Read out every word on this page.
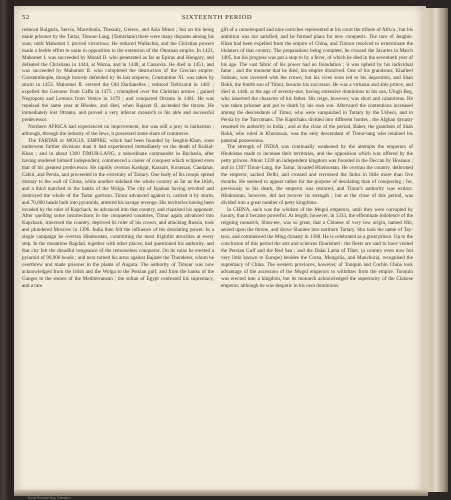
52	SIXTEENTH PERIOD

reduced Bulgaria, Servia, Macedonia, Thessaly, Greece, and Asia Minor ; but on his being made prisoner by the Tartar, Timour-Lang, (Tamerlane) there were many disputes among his sons, until Mahomet I. proved victorious. He reduced Wallachia, and the Christian powers made a feeble effort to unite in opposition to the extension of the Ottoman empire. In 1421, Mahomet I. was succeeded by Murad II. who penetrated as far as Epirus and Hungary, and defeated the Christians in 1444, at Warna, and in 1448, at Cassovia. He died in 1451, and was succeeded by Mahomet II. who completed the destruction of the Grecian empire. Constantinople, though bravely defended by its last emperor, Constantine XI. was taken by storm in 1453. Mahomet II. erected the Old Dardanelles ; reduced Trebizond in 1461 ; expelled the Genoese from Caffa in 1475 ; triumphed over the Christian armies ; gained Negropont and Lemnos from Venice in 1479 ; and conquered Otranto in 1481. He was repulsed the same year at Rhodes, and died, when Bajazet II. ascended the throne. He immediately lost Otranto, and proved a very inferior monarch to his able and successful predecessor.

Northern AFRICA had experienced no improvement, but was still a prey to barbarism ; although, through the industry of the Jews, it possessed some share of commerce.

The TARTAR or MOGUL EMPIRE, which had been founded by Jenghis-Khan, soon underwent further divisions than it had experienced immediately on the death of Kublai-Khan ; and in about 1360 TIMUR-LANG, a subordinate commander in Bucharia, after having rendered himself independent, commenced a career of conquest which eclipsed even that of his greatest predecessor. He rapidly overran Kashgar, Karazm, Korassan, Candahar, Cabul, and Persia, and proceeded to the extremity of Tartary. One body of his troops spread dismay to the wall of China, while another subdued the whole country as far as the Irtish, and a third marched to the banks of the Wolga. The city of Ispahan having revolted and destroyed the whole of the Tartar garrison, Timur advanced against it, carried it by storm, and 70,000 heads built into pyramids, attested his savage revenge. His territories having been invaded by the ruler of Kapchack, he advanced into that country, and chastised his opponent. After quelling some insurrections in the conquered countries, Timur again advanced into Kapchack, traversed the country, deprived its ruler of his crown, and attacking Russia, took and plundered Moscow in 1396. India then felt the influence of his desolating power. In a single campaign he overran Hindoostan, committing the most frightful atrocities at every step. In the meantime Bagdad, together with other places, had questioned his authority, and that city felt the dreadful vengeance of the remorseless conqueror. On its ruins he erected a pyramid of 90,000 heads ; and next turned his arms against Bajazet the Thunderer, whom he overthrew and made prisoner in the plains of Angora. The authority of Timour was now acknowledged from the Irtish and the Wolga to the Persian gulf, and from the banks of the Ganges to the shores of the Mediterranean ; the sultan of Egypt confessed his supremacy, and a rare

gift of a cameleopard and nine ostriches represented at his court the tribute of Africa ; but his ambition was not satisfied, and he formed plans for new conquests. The race of Jenghis-Khan had been expelled from the empire of China, and Timour resolved to exterminate the idolaters of that country. The preparations being complete, he crossed the Jaxartes in March 1405, but his progress was put a stop to by a fever, of which he died in the seventieth year of his age. The vast fabric of his power had no foundation ; it was upheld by his individual fame ; and the moment that he died, his empire dissolved. One of his grandsons, Khalleel Sultaun, was invested with the crown, but his vices soon led to his deposition, and Shah Rokh, the fourth son of Timur, became his successor. He was a virtuous and able prince, and died in 1446, at the age of seventy-one, having extensive dominions to his son, Ulugh Beg, who inherited the character of his father. His reign, however, was short and calamitous. He was taken prisoner and put to death by his own son. Afterward the contentions increased among the descendants of Timur, who were vanquished in Tartary by the Usbecs, and in Persia by the Turcomans. The Kaptchaks divided into different hordes ; the Afghan dynasty resumed its authority in India ; and at the close of the period, Baber, the grandson of Shah Rokh, who ruled in Khorassan, was the only descendant of Timur-lang who retained his paternal possessions.

The strength of INDIA was continually weakened by the attempts the emperors of Hindostan made to increase their territories, and the opposition which was offered by the petty princes. About 1320 an independent kingdom was founded in the Deccan by Hossaun ; and in 1397 Timur-Lang, the Tartar, invaded Hindoostan. He overran the country, dethroned the emperor, sacked Delhi, and crossed and recrossed the Indus in little more than five months. He seemed to appear rather for the purpose of desolating than of conquering ; for, previously to his death, the emperor was restored, and Timur's authority was extinct. Hindoostan, however, did not recover its strength ; but at the close of this period, was divided into a great number of petty kingdoms.

In CHINA, such was the wisdom of the Mogul emperors, until they were corrupted by luxury, that it became powerful. At length, however, in 1333, the effeminate indolence of the reigning monarch, Shun-tee, was so great, that a Chinese of very low origin, named Hin, seized upon the throne, and drove Shuntee into northern Tartary. Shu took the name of Tay-tsou, and commenced the Ming dynasty in 1368. He is celebrated as a great prince. Up to the conclusion of this period the arts and sciences flourished : the fleets are said to have visited the Persian Gulf and the Red Sea ; and the Dalai Lama of Tibet, (a country even now but very little known to Europe) besides the Corea, Mongolia, and Manchuria, recognised the supremacy of China. The western provinces, however, of Tonquin and Cochin China took advantage of the accession of the Mogul emperors to withdraw from the empire. Tonquin was erected into a kingdom, but its monarch acknowledged the superiority of the Chinese emperor, although he was despotic in his own dominions.

Copyright Lumen Wellbeing Library
David Rumsey Map Collection
